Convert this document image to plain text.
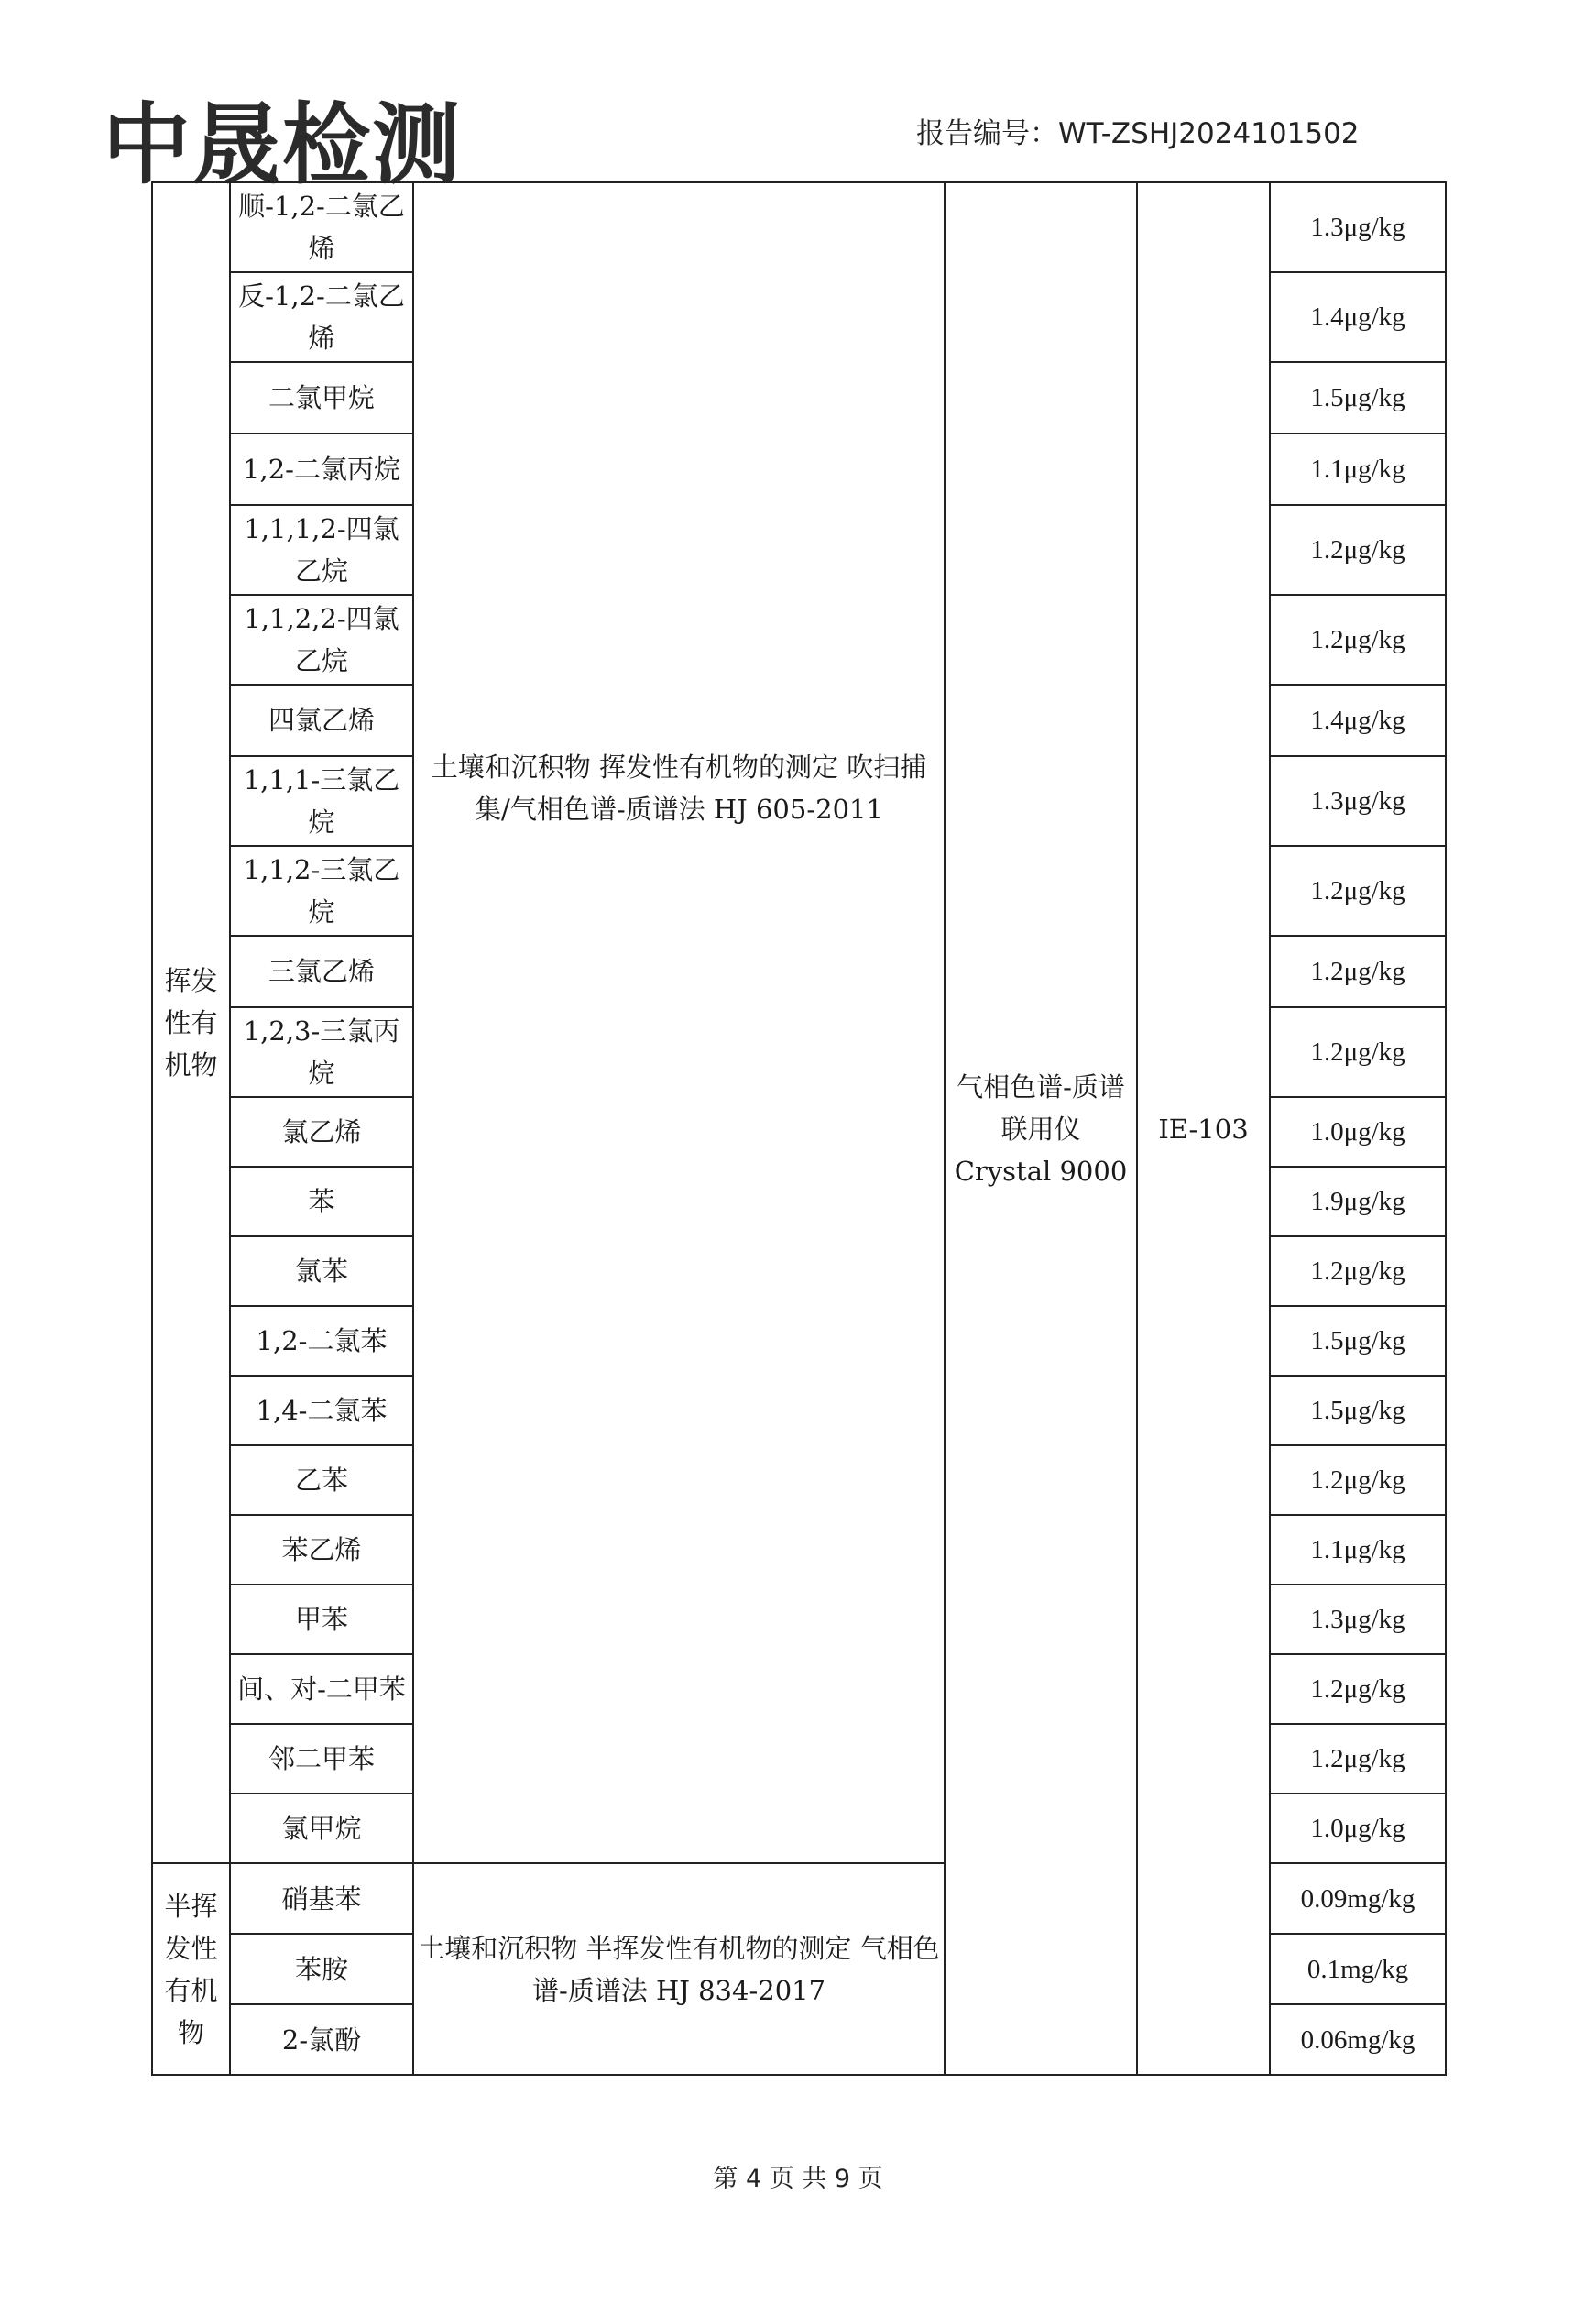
中晟检测	报告编号：WT-ZSHJ2024101502
挥发性有机物	顺-1,2-二氯乙烯	土壤和沉积物 挥发性有机物的测定 吹扫捕集/气相色谱-质谱法 HJ 605-2011	气相色谱-质谱联用仪 Crystal 9000	IE-103	1.3μg/kg
	反-1,2-二氯乙烯				1.4μg/kg
	二氯甲烷				1.5μg/kg
	1,2-二氯丙烷				1.1μg/kg
	1,1,1,2-四氯乙烷				1.2μg/kg
	1,1,2,2-四氯乙烷				1.2μg/kg
	四氯乙烯				1.4μg/kg
	1,1,1-三氯乙烷				1.3μg/kg
	1,1,2-三氯乙烷				1.2μg/kg
	三氯乙烯				1.2μg/kg
	1,2,3-三氯丙烷				1.2μg/kg
	氯乙烯				1.0μg/kg
	苯				1.9μg/kg
	氯苯				1.2μg/kg
	1,2-二氯苯				1.5μg/kg
	1,4-二氯苯				1.5μg/kg
	乙苯				1.2μg/kg
	苯乙烯				1.1μg/kg
	甲苯				1.3μg/kg
	间、对-二甲苯				1.2μg/kg
	邻二甲苯				1.2μg/kg
	氯甲烷				1.0μg/kg
半挥发性有机物	硝基苯	土壤和沉积物 半挥发性有机物的测定 气相色谱-质谱法 HJ 834-2017			0.09mg/kg
	苯胺				0.1mg/kg
	2-氯酚				0.06mg/kg
第 4 页 共 9 页
